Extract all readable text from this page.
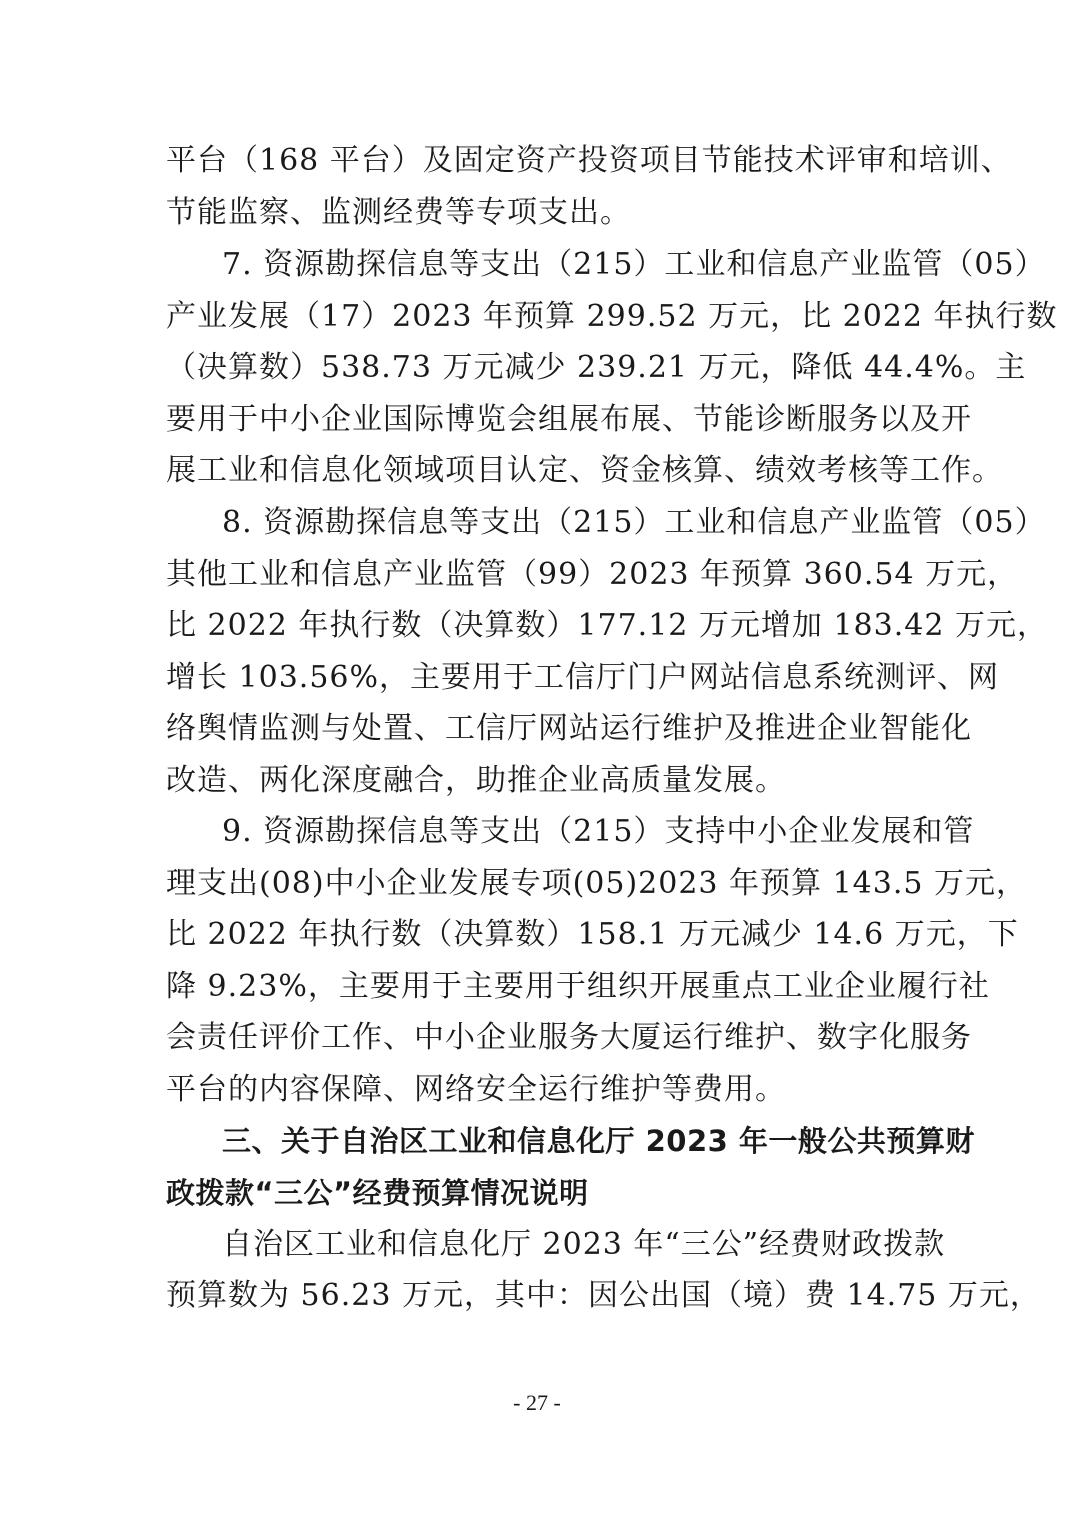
平台（168 平台）及固定资产投资项目节能技术评审和培训、
节能监察、监测经费等专项支出。
7. 资源勘探信息等支出（215）工业和信息产业监管（05）
产业发展（17）2023 年预算 299.52 万元，比 2022 年执行数
（决算数）538.73 万元减少 239.21 万元，降低 44.4%。主
要用于中小企业国际博览会组展布展、节能诊断服务以及开
展工业和信息化领域项目认定、资金核算、绩效考核等工作。
8. 资源勘探信息等支出（215）工业和信息产业监管（05）
其他工业和信息产业监管（99）2023 年预算 360.54 万元，
比 2022 年执行数（决算数）177.12 万元增加 183.42 万元，
增长 103.56%，主要用于工信厅门户网站信息系统测评、网
络舆情监测与处置、工信厅网站运行维护及推进企业智能化
改造、两化深度融合，助推企业高质量发展。
9. 资源勘探信息等支出（215）支持中小企业发展和管
理支出(08)中小企业发展专项(05)2023 年预算 143.5 万元，
比 2022 年执行数（决算数）158.1 万元减少 14.6 万元，下
降 9.23%，主要用于主要用于组织开展重点工业企业履行社
会责任评价工作、中小企业服务大厦运行维护、数字化服务
平台的内容保障、网络安全运行维护等费用。
三、关于自治区工业和信息化厅 2023 年一般公共预算财
政拨款“三公”经费预算情况说明
自治区工业和信息化厅 2023 年“三公”经费财政拨款
预算数为 56.23 万元，其中：因公出国（境）费 14.75 万元，
- 27 -
